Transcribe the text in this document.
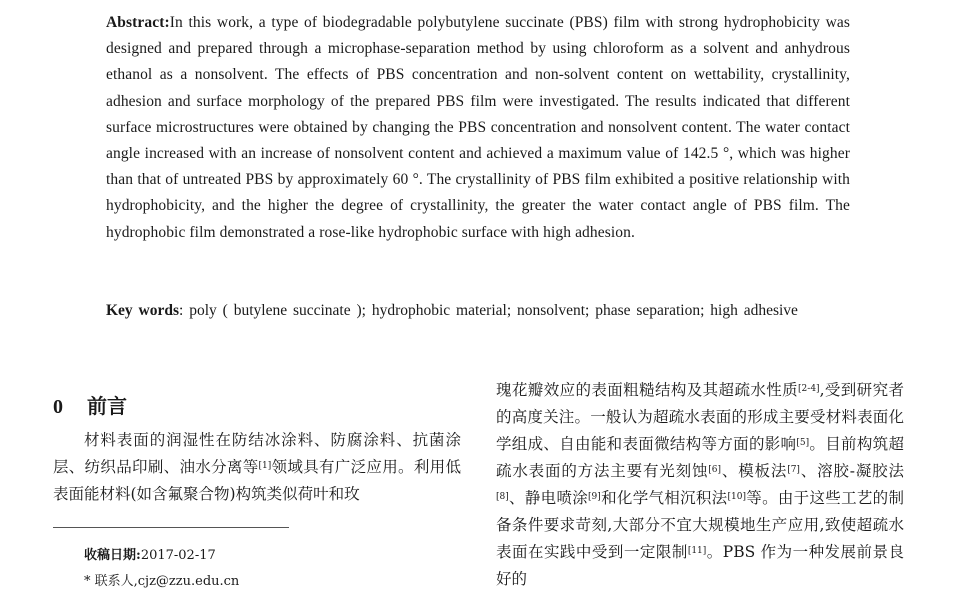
Abstract:In this work, a type of biodegradable polybutylene succinate (PBS) film with strong hydrophobicity was designed and prepared through a microphase-separation method by using chloroform as a solvent and anhydrous ethanol as a nonsolvent. The effects of PBS concentration and non-solvent content on wettability, crystallinity, adhesion and surface morphology of the prepared PBS film were investigated. The results indicated that different surface microstructures were obtained by changing the PBS concentration and nonsolvent content. The water contact angle increased with an increase of nonsolvent content and achieved a maximum value of 142.5 °, which was higher than that of untreated PBS by approximately 60 °. The crystallinity of PBS film exhibited a positive relationship with hydrophobicity, and the higher the degree of crystallinity, the greater the water contact angle of PBS film. The hydrophobic film demonstrated a rose-like hydrophobic surface with high adhesion.
Key words: poly ( butylene succinate ); hydrophobic material; nonsolvent; phase separation; high adhesive
0 前言

材料表面的润湿性在防结冰涂料、防腐涂料、抗菌涂层、纺织品印刷、油水分离等[1]领域具有广泛应用。利用低表面能材料(如含氟聚合物)构筑类似荷叶和玫

瑰花瓣效应的表面粗糙结构及其超疏水性质[2-4],受到研究者的高度关注。一般认为超疏水表面的形成主要受材料表面化学组成、自由能和表面微结构等方面的影响[5]。目前构筑超疏水表面的方法主要有光刻蚀[6]、模板法[7]、溶胶-凝胶法[8]、静电喷涂[9]和化学气相沉积法[10]等。由于这些工艺的制备条件要求苛刻,大部分不宜大规模地生产应用,致使超疏水表面在实践中受到一定限制[11]。PBS 作为一种发展前景良好的

收稿日期:2017-02-17
* 联系人,cjz@zzu.edu.cn
